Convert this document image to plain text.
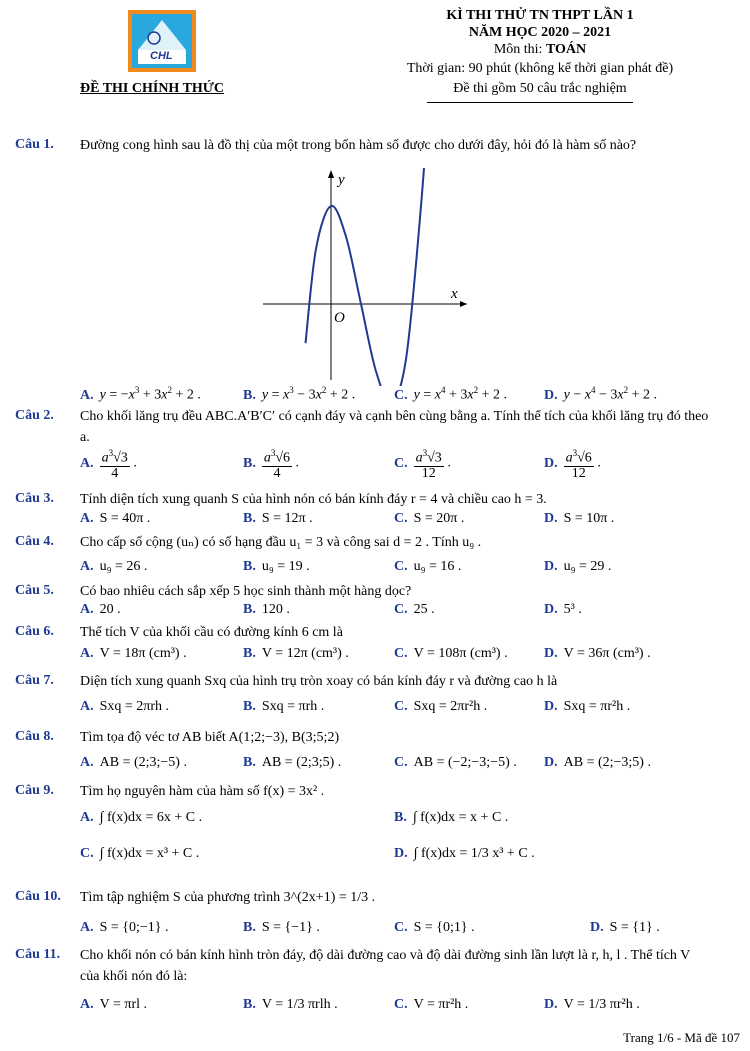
CHL
KÌ THI THỬ TN THPT LẦN 1
NĂM HỌC 2020 – 2021
Môn thi: TOÁN
Thời gian: 90 phút (không kể thời gian phát đề)
Đề thi gồm 50 câu trắc nghiệm
ĐỀ THI CHÍNH THỨC
Câu 1. Đường cong hình sau là đồ thị của một trong bốn hàm số được cho dưới đây, hỏi đó là hàm số nào?
x
y
O
A. $y = -x^3 + 3x^2 + 2$ .	B. $y = x^3 - 3x^2 + 2$ .	C. $y = x^4 + 3x^2 + 2$ .	D. $y - x^4 - 3x^2 + 2$ .
Câu 2. Cho khối lăng trụ đều ABC.A′B′C′ có cạnh đáy và cạnh bên cùng bằng a. Tính thể tích của khối lăng trụ đó theo a.
A. $\frac{a^3√3}{4}$ .	B. $\frac{a^3√6}{4}$ .	C. $\frac{a^3√3}{12}$ .	D. $\frac{a^3√6}{12}$ .
Câu 3. Tính diện tích xung quanh S của hình nón có bán kính đáy r = 4 và chiều cao h = 3.
A. S = 40π .	B. S = 12π .	C. S = 20π .	D. S = 10π .
Câu 4. Cho cấp số cộng (uₙ) có số hạng đầu u₁ = 3 và công sai d = 2 . Tính u₉ .
A. u₉ = 26 .	B. u₉ = 19 .	C. u₉ = 16 .	D. u₉ = 29 .
Câu 5. Có bao nhiêu cách sắp xếp 5 học sinh thành một hàng dọc?
A. 20 .	B. 120 .	C. 25 .	D. 5³ .
Câu 6. Thể tích V của khối cầu có đường kính 6 cm là
A. V = 18π (cm³) .	B. V = 12π (cm³) .	C. V = 108π (cm³) .	D. V = 36π (cm³) .
Câu 7. Diện tích xung quanh Sxq của hình trụ tròn xoay có bán kính đáy r và đường cao h là
A. Sxq = 2πrh .	B. Sxq = πrh .	C. Sxq = 2πr²h .	D. Sxq = πr²h .
Câu 8. Tìm tọa độ véc tơ AB biết A(1;2;−3), B(3;5;2)
A. AB = (2;3;−5) .	B. AB = (2;3;5) .	C. AB = (−2;−3;−5) . D. AB = (2;−3;5) .
Câu 9. Tìm họ nguyên hàm của hàm số f(x) = 3x² .
A. ∫ f(x)dx = 6x + C .	B. ∫ f(x)dx = x + C .
C. ∫ f(x)dx = x³ + C .	D. ∫ f(x)dx = 1/3 x³ + C .
Câu 10. Tìm tập nghiệm S của phương trình 3^(2x+1) = 1/3 .
A. S = {0;−1} .	B. S = {−1} .	C. S = {0;1} .	D. S = {1} .
Câu 11. Cho khối nón có bán kính hình tròn đáy, độ dài đường cao và độ dài đường sinh lần lượt là r, h, l . Thể tích V của khối nón đó là:
A. V = πrl .	B. V = 1/3 πrlh .	C. V = πr²h .	D. V = 1/3 πr²h .
Trang 1/6 - Mã đề 107
